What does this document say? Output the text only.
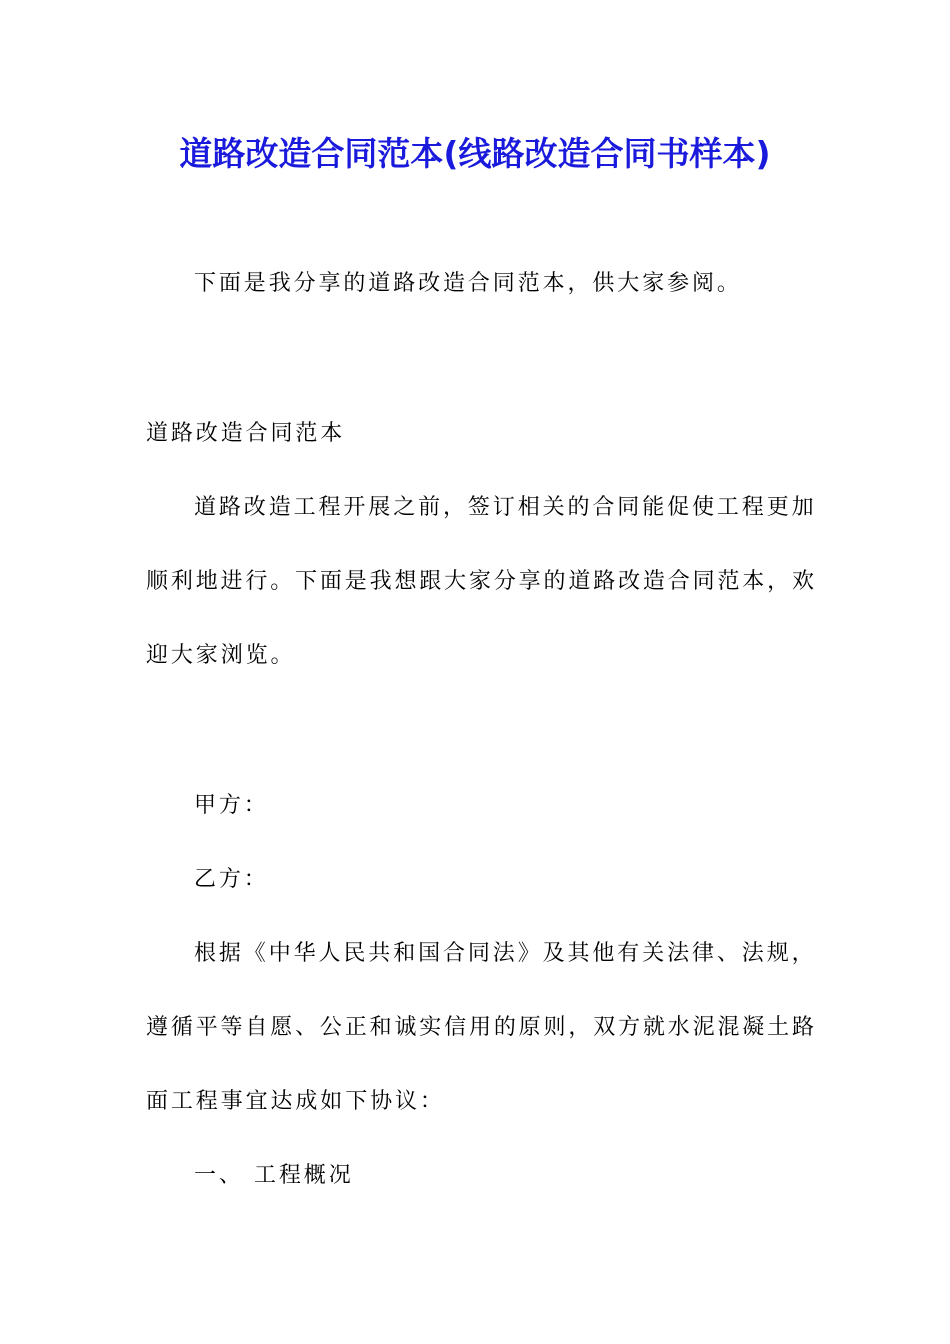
道路改造合同范本(线路改造合同书样本)
下面是我分享的道路改造合同范本，供大家参阅。
道路改造合同范本
道路改造工程开展之前，签订相关的合同能促使工程更加
顺利地进行。下面是我想跟大家分享的道路改造合同范本，欢
迎大家浏览。
甲方：
乙方：
根据《中华人民共和国合同法》及其他有关法律、法规，
遵循平等自愿、公正和诚实信用的原则，双方就水泥混凝土路
面工程事宜达成如下协议：
一、 工程概况
